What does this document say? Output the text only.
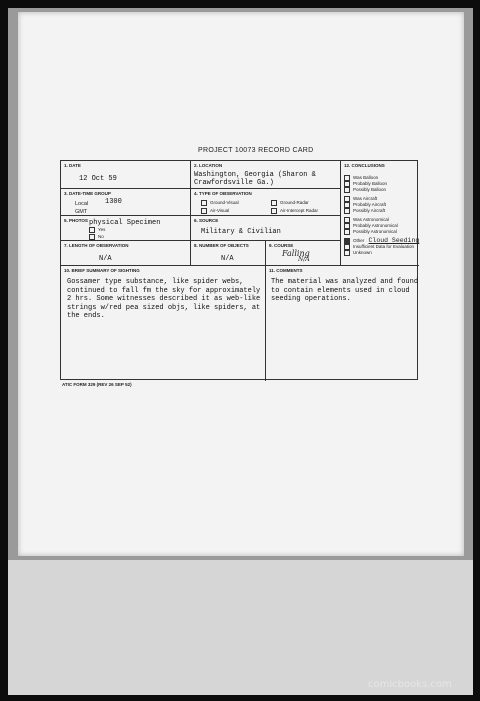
PROJECT 10073 RECORD CARD
1. DATE
12 Oct 59
2. LOCATION
Washington, Georgia (Sharon &
Crawfordsville Ga.)
3. DATE-TIME GROUP
Local 1300
GMT
4. TYPE OF OBSERVATION
Ground-Visual	Ground-Radar
Air-Visual	Air-Intercept Radar
5. PHOTOS physical Specimen
Yes
No
6. SOURCE
Military & Civilian
7. LENGTH OF OBSERVATION
N/A
8. NUMBER OF OBJECTS
N/A
9. COURSE
Falling
N/A
12. CONCLUSIONS
Was Balloon
Probably Balloon
Possibly Balloon
Was Aircraft
Probably Aircraft
Possibly Aircraft
Was Astronomical
Probably Astronomical
Possibly Astronomical
Other Cloud Seeding
Insufficient Data for Evaluation
Unknown
10. BRIEF SUMMARY OF SIGHTING
Gossamer type substance, like spider webs, continued to fall fm the sky for approximately 2 hrs. Some witnesses described it as web-like strings w/red pea sized objs, like spiders, at the ends.
11. COMMENTS
The material was analyzed and found to contain elements used in cloud seeding operations.
ATIC FORM 329 (REV 26 SEP 52)
comicbooks.com
